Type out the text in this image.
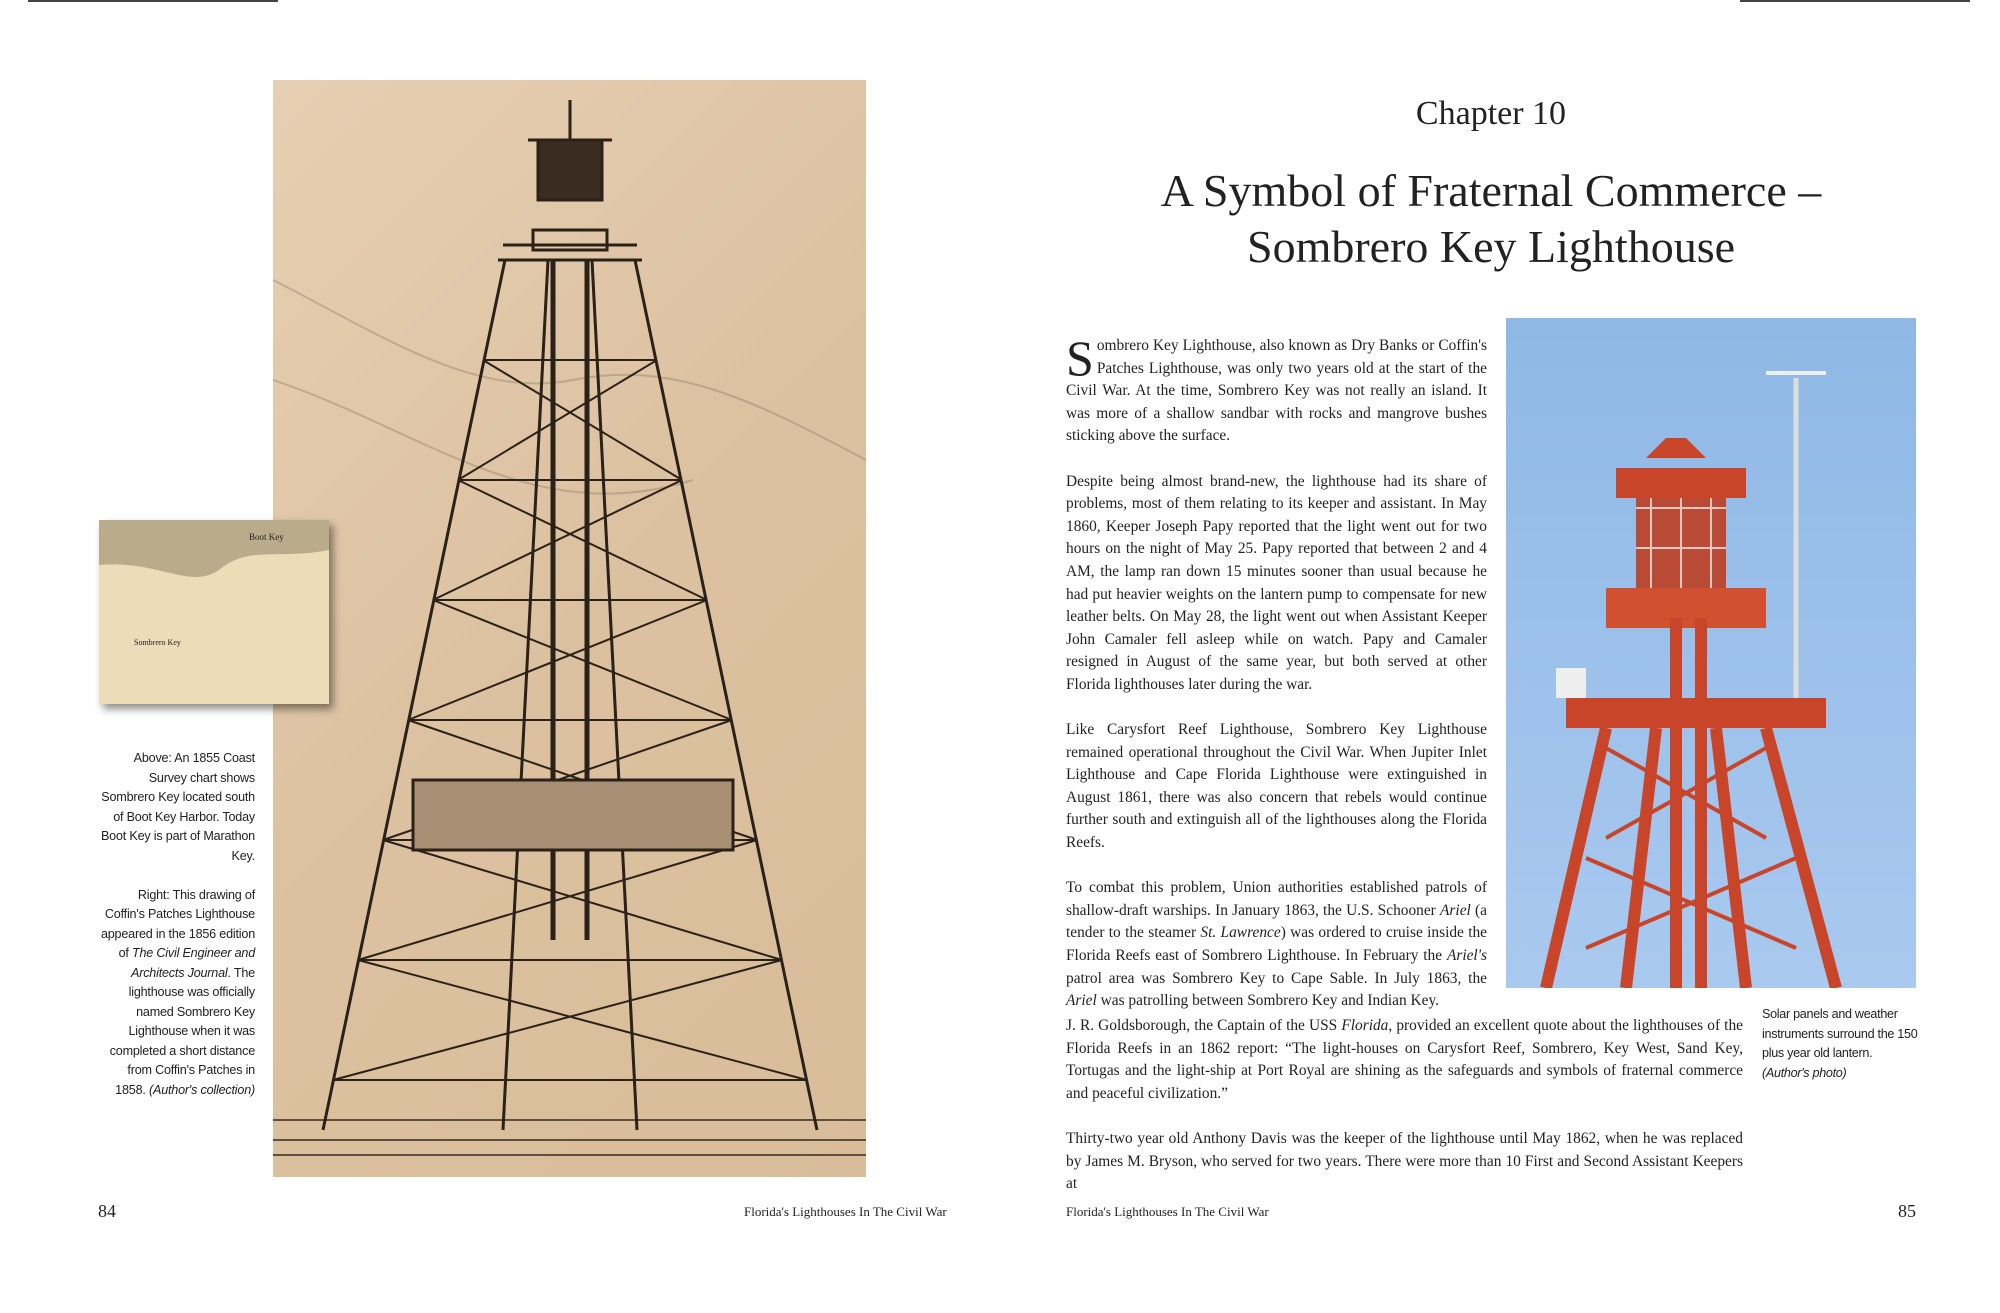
Boot Key
Sombrero Key

Above: An 1855 Coast Survey chart shows Sombrero Key located south of Boot Key Harbor. Today Boot Key is part of Marathon Key.

Right: This drawing of Coffin's Patches Lighthouse appeared in the 1856 edition of The Civil Engineer and Architects Journal. The lighthouse was officially named Sombrero Key Lighthouse when it was completed a short distance from Coffin's Patches in 1858. (Author's collection)

84	Florida's Lighthouses In The Civil War	Florida's Lighthouses In The Civil War	85
Chapter 10
A Symbol of Fraternal Commerce –
Sombrero Key Lighthouse

Sombrero Key Lighthouse, also known as Dry Banks or Coffin's Patches Lighthouse, was only two years old at the start of the Civil War. At the time, Sombrero Key was not really an island. It was more of a shallow sandbar with rocks and mangrove bushes sticking above the surface.

Despite being almost brand-new, the lighthouse had its share of problems, most of them relating to its keeper and assistant. In May 1860, Keeper Joseph Papy reported that the light went out for two hours on the night of May 25. Papy reported that between 2 and 4 AM, the lamp ran down 15 minutes sooner than usual because he had put heavier weights on the lantern pump to compensate for new leather belts. On May 28, the light went out when Assistant Keeper John Camaler fell asleep while on watch. Papy and Camaler resigned in August of the same year, but both served at other Florida lighthouses later during the war.

Like Carysfort Reef Lighthouse, Sombrero Key Lighthouse remained operational throughout the Civil War. When Jupiter Inlet Lighthouse and Cape Florida Lighthouse were extinguished in August 1861, there was also concern that rebels would continue further south and extinguish all of the lighthouses along the Florida Reefs.

To combat this problem, Union authorities established patrols of shallow-draft warships. In January 1863, the U.S. Schooner Ariel (a tender to the steamer St. Lawrence) was ordered to cruise inside the Florida Reefs east of Sombrero Lighthouse. In February the Ariel's patrol area was Sombrero Key to Cape Sable. In July 1863, the Ariel was patrolling between Sombrero Key and Indian Key.

Solar panels and weather instruments surround the 150 plus year old lantern. (Author's photo)

J. R. Goldsborough, the Captain of the USS Florida, provided an excellent quote about the lighthouses of the Florida Reefs in an 1862 report: “The light-houses on Carysfort Reef, Sombrero, Key West, Sand Key, Tortugas and the light-ship at Port Royal are shining as the safeguards and symbols of fraternal commerce and peaceful civilization.”

Thirty-two year old Anthony Davis was the keeper of the lighthouse until May 1862, when he was replaced by James M. Bryson, who served for two years. There were more than 10 First and Second Assistant Keepers at
